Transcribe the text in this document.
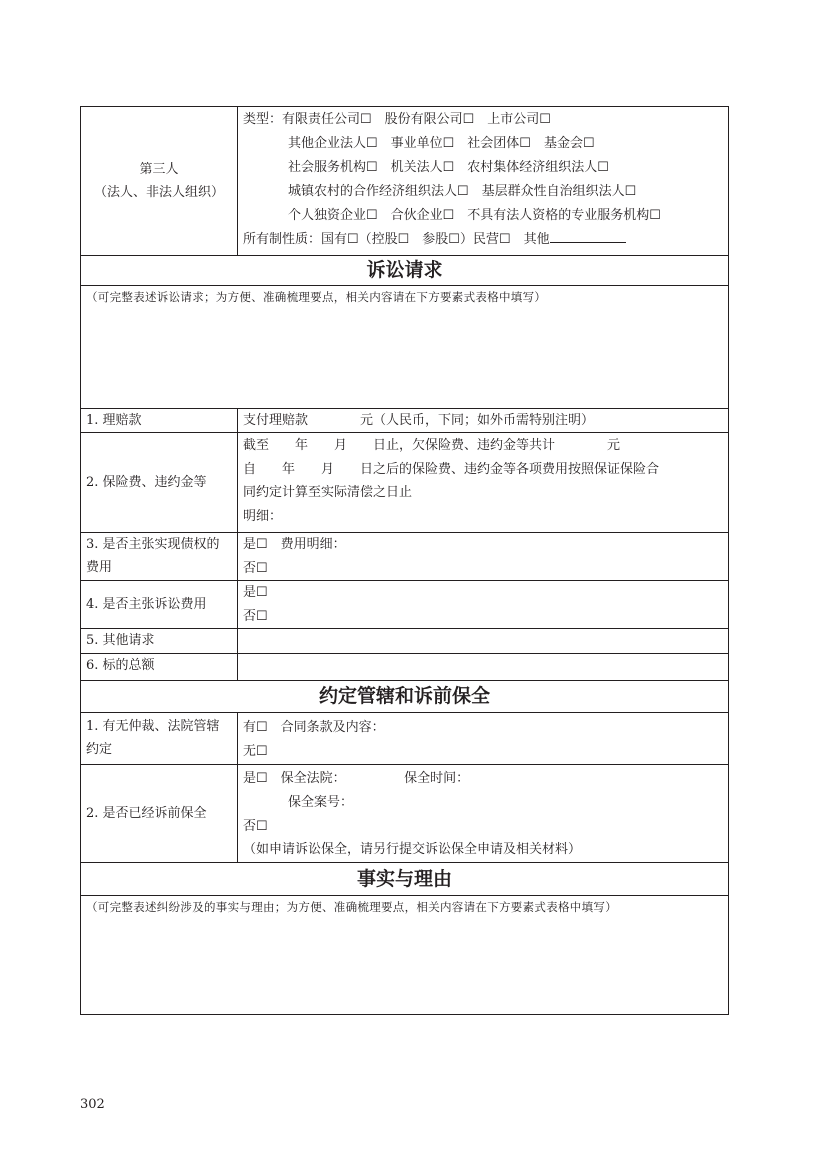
第三人
（法人、非法人组织）
类型：有限责任公司☐　股份有限公司☐　上市公司☐
其他企业法人☐　事业单位☐　社会团体☐　基金会☐
社会服务机构☐　机关法人☐　农村集体经济组织法人☐
城镇农村的合作经济组织法人☐　基层群众性自治组织法人☐
个人独资企业☐　合伙企业☐　不具有法人资格的专业服务机构☐
所有制性质：国有☐（控股☐　参股☐）民营☐　其他
诉讼请求
（可完整表述诉讼请求；为方便、准确梳理要点，相关内容请在下方要素式表格中填写）
1. 理赔款	支付理赔款　　　　元（人民币，下同；如外币需特别注明）
2. 保险费、违约金等
截至　　年　　月　　日止，欠保险费、违约金等共计　　　　元
自　　年　　月　　日之后的保险费、违约金等各项费用按照保证保险合
同约定计算至实际清偿之日止
明细：
3. 是否主张实现债权的
费用
是☐　费用明细：
否☐
4. 是否主张诉讼费用
是☐
否☐
5. 其他请求
6. 标的总额
约定管辖和诉前保全
1. 有无仲裁、法院管辖
约定
有☐　合同条款及内容：
无☐
2. 是否已经诉前保全
是☐　保全法院：　　　　　保全时间：
保全案号：
否☐
（如申请诉讼保全，请另行提交诉讼保全申请及相关材料）
事实与理由
（可完整表述纠纷涉及的事实与理由；为方便、准确梳理要点，相关内容请在下方要素式表格中填写）
302
